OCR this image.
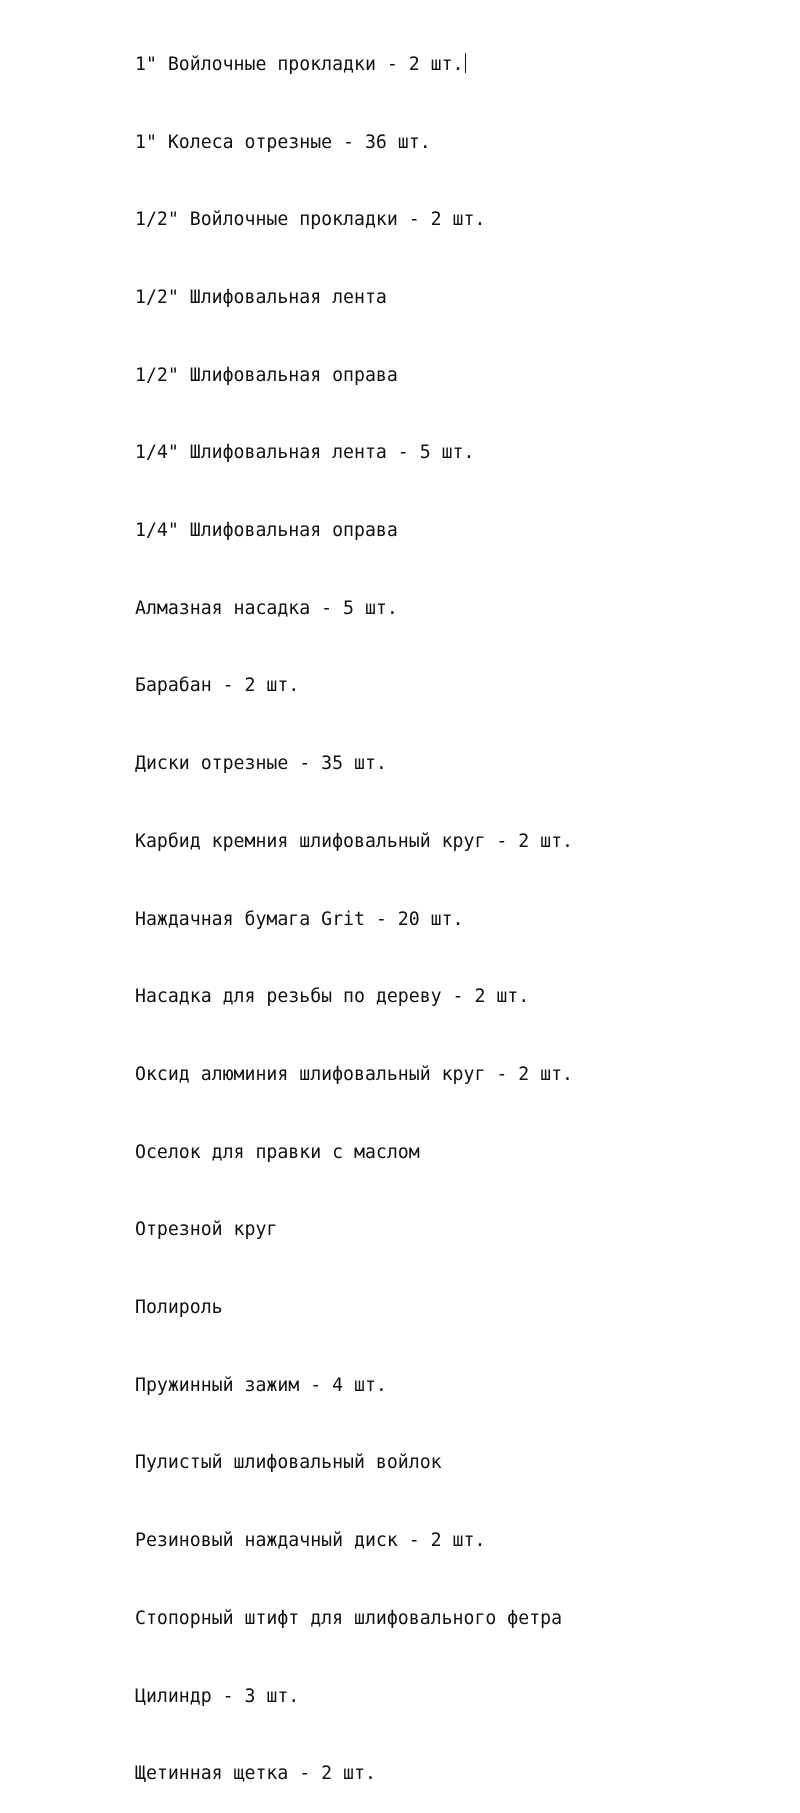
1" Войлочные прокладки - 2 шт.

1" Колеса отрезные - 36 шт.

1/2" Войлочные прокладки - 2 шт.

1/2" Шлифовальная лента

1/2" Шлифовальная оправа

1/4" Шлифовальная лента - 5 шт.

1/4" Шлифовальная оправа

Алмазная насадка - 5 шт.

Барабан - 2 шт.

Диски отрезные - 35 шт.

Карбид кремния шлифовальный круг - 2 шт.

Наждачная бумага Grit - 20 шт.

Насадка для резьбы по дереву - 2 шт.

Оксид алюминия шлифовальный круг - 2 шт.

Оселок для правки с маслом

Отрезной круг

Полироль

Пружинный зажим - 4 шт.

Пулистый шлифовальный войлок

Резиновый наждачный диск - 2 шт.

Стопорный штифт для шлифовального фетра

Цилиндр - 3 шт.

Щетинная щетка - 2 шт.
